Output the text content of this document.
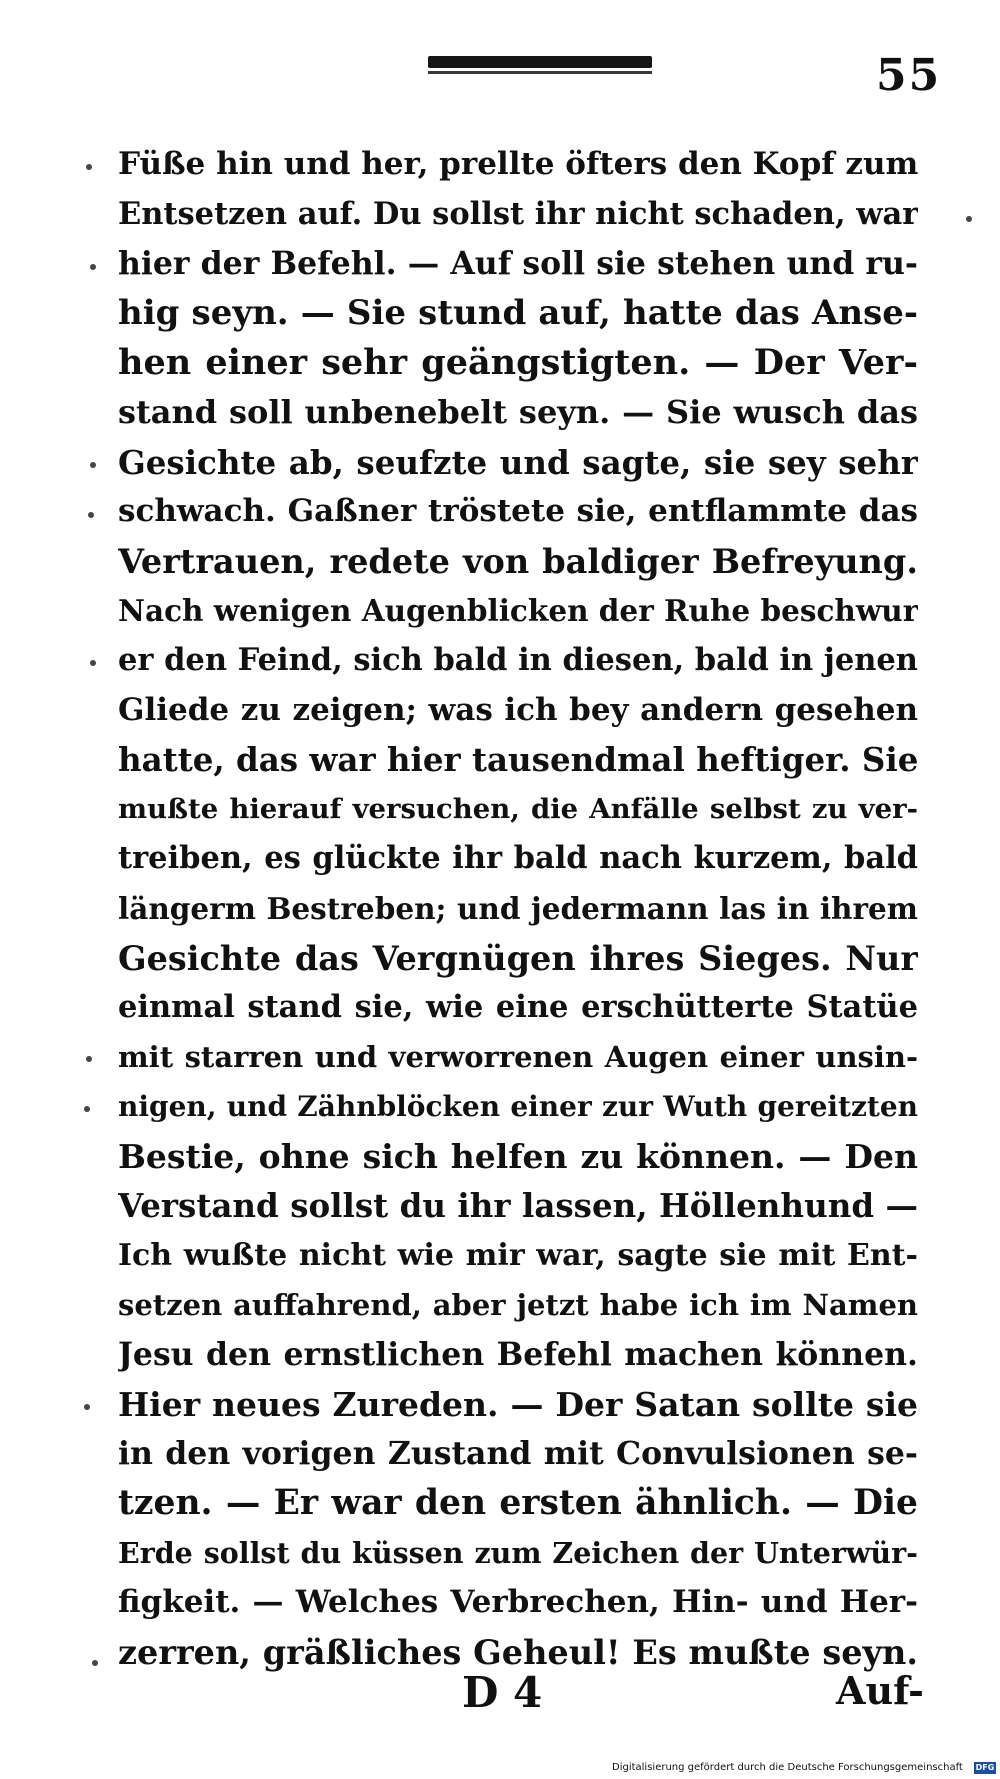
55
Füße hin und her, prellte öfters den Kopf zum
Entsetzen auf. Du sollst ihr nicht schaden, war
hier der Befehl. — Auf soll sie stehen und ru-
hig seyn. — Sie stund auf, hatte das Anse-
hen einer sehr geängstigten. — Der Ver-
stand soll unbenebelt seyn. — Sie wusch das
Gesichte ab, seufzte und sagte, sie sey sehr
schwach. Gaßner tröstete sie, entflammte das
Vertrauen, redete von baldiger Befreyung.
Nach wenigen Augenblicken der Ruhe beschwur
er den Feind, sich bald in diesen, bald in jenen
Gliede zu zeigen; was ich bey andern gesehen
hatte, das war hier tausendmal heftiger. Sie
mußte hierauf versuchen, die Anfälle selbst zu ver-
treiben, es glückte ihr bald nach kurzem, bald
längerm Bestreben; und jedermann las in ihrem
Gesichte das Vergnügen ihres Sieges. Nur
einmal stand sie, wie eine erschütterte Statüe
mit starren und verworrenen Augen einer unsin-
nigen, und Zähnblöcken einer zur Wuth gereitzten
Bestie, ohne sich helfen zu können. — Den
Verstand sollst du ihr lassen, Höllenhund —
Ich wußte nicht wie mir war, sagte sie mit Ent-
setzen auffahrend, aber jetzt habe ich im Namen
Jesu den ernstlichen Befehl machen können.
Hier neues Zureden. — Der Satan sollte sie
in den vorigen Zustand mit Convulsionen se-
tzen. — Er war den ersten ähnlich. — Die
Erde sollst du küssen zum Zeichen der Unterwür-
figkeit. — Welches Verbrechen, Hin- und Her-
zerren, gräßliches Geheul! Es mußte seyn.
D 4	Auf-
Digitalisierung gefördert durch die Deutsche Forschungsgemeinschaft DFG
